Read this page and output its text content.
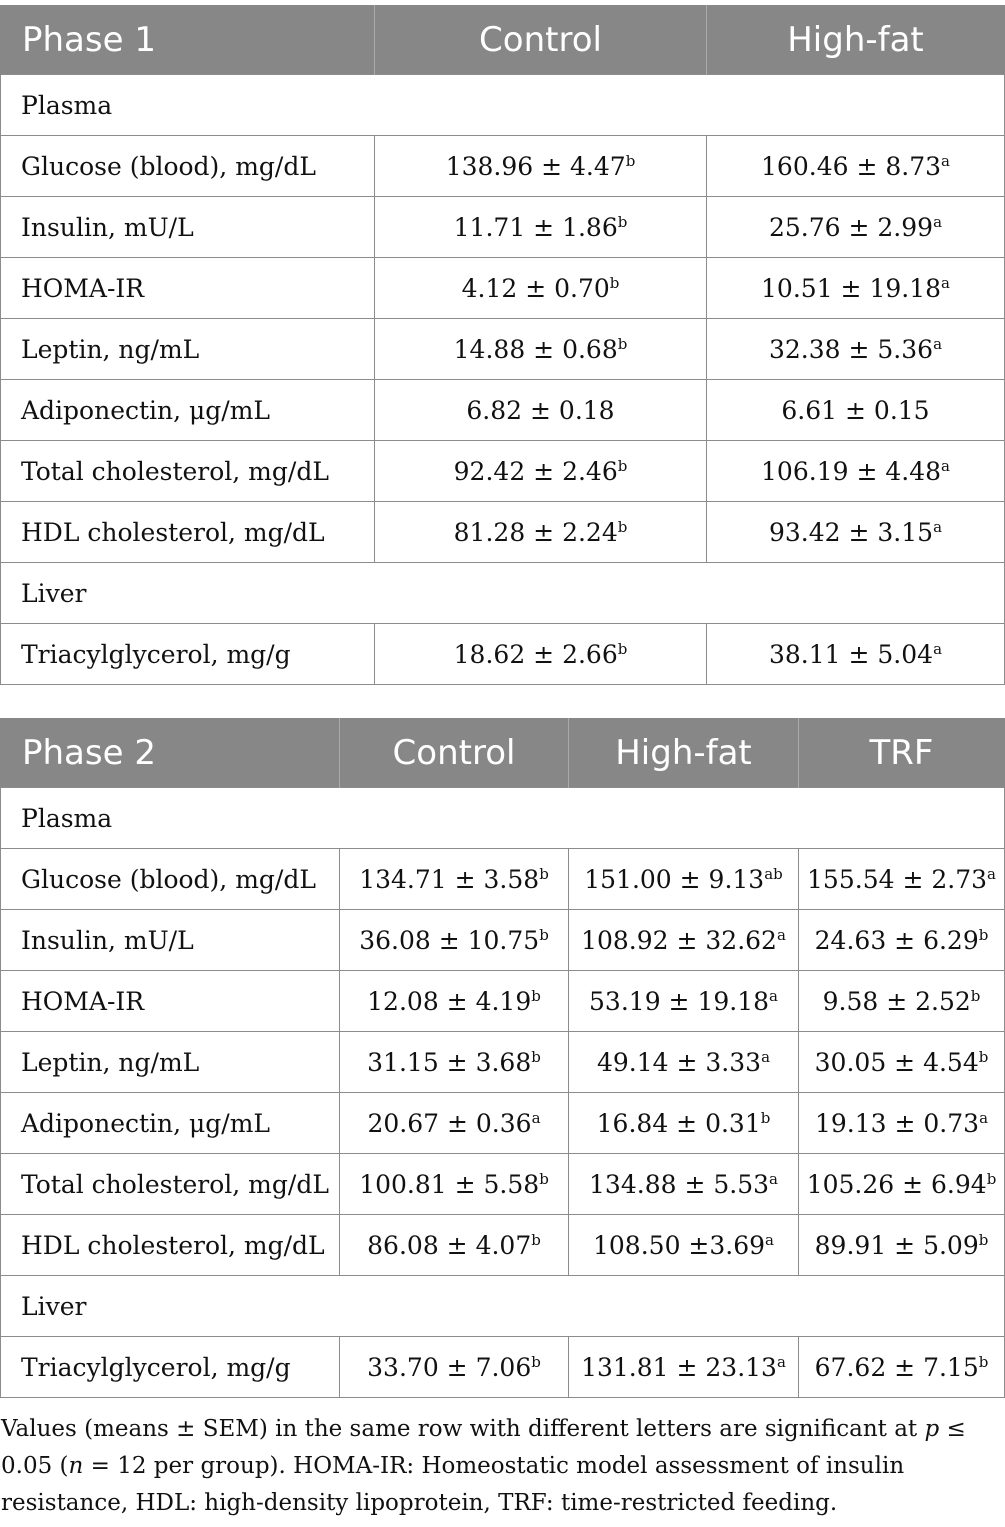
Phase 1	Control	High-fat
Plasma		
Glucose (blood), mg/dL	138.96 ± 4.47$^b$	160.46 ± 8.73$^a$
Insulin, mU/L	11.71 ± 1.86$^b$	25.76 ± 2.99$^a$
HOMA-IR	4.12 ± 0.70$^b$	10.51 ± 19.18$^a$
Leptin, ng/mL	14.88 ± 0.68$^b$	32.38 ± 5.36$^a$
Adiponectin, μg/mL	6.82 ± 0.18	6.61 ± 0.15
Total cholesterol, mg/dL	92.42 ± 2.46$^b$	106.19 ± 4.48$^a$
HDL cholesterol, mg/dL	81.28 ± 2.24$^b$	93.42 ± 3.15$^a$
Liver		
Triacylglycerol, mg/g	18.62 ± 2.66$^b$	38.11 ± 5.04$^a$
Phase 2	Control	High-fat	TRF
Plasma			
Glucose (blood), mg/dL	134.71 ± 3.58$^b$	151.00 ± 9.13$^{ab}$	155.54 ± 2.73$^a$
Insulin, mU/L	36.08 ± 10.75$^b$	108.92 ± 32.62$^a$	24.63 ± 6.29$^b$
HOMA-IR	12.08 ± 4.19$^b$	53.19 ± 19.18$^a$	9.58 ± 2.52$^b$
Leptin, ng/mL	31.15 ± 3.68$^b$	49.14 ± 3.33$^a$	30.05 ± 4.54$^b$
Adiponectin, μg/mL	20.67 ± 0.36$^a$	16.84 ± 0.31$^b$	19.13 ± 0.73$^a$
Total cholesterol, mg/dL	100.81 ± 5.58$^b$	134.88 ± 5.53$^a$	105.26 ± 6.94$^b$
HDL cholesterol, mg/dL	86.08 ± 4.07$^b$	108.50 ±3.69$^a$	89.91 ± 5.09$^b$
Liver			
Triacylglycerol, mg/g	33.70 ± 7.06$^b$	131.81 ± 23.13$^a$	67.62 ± 7.15$^b$
Values (means ± SEM) in the same row with different letters are significant at p ≤ 0.05 (n = 12 per group). HOMA-IR: Homeostatic model assessment of insulin resistance, HDL: high-density lipoprotein, TRF: time-restricted feeding.
